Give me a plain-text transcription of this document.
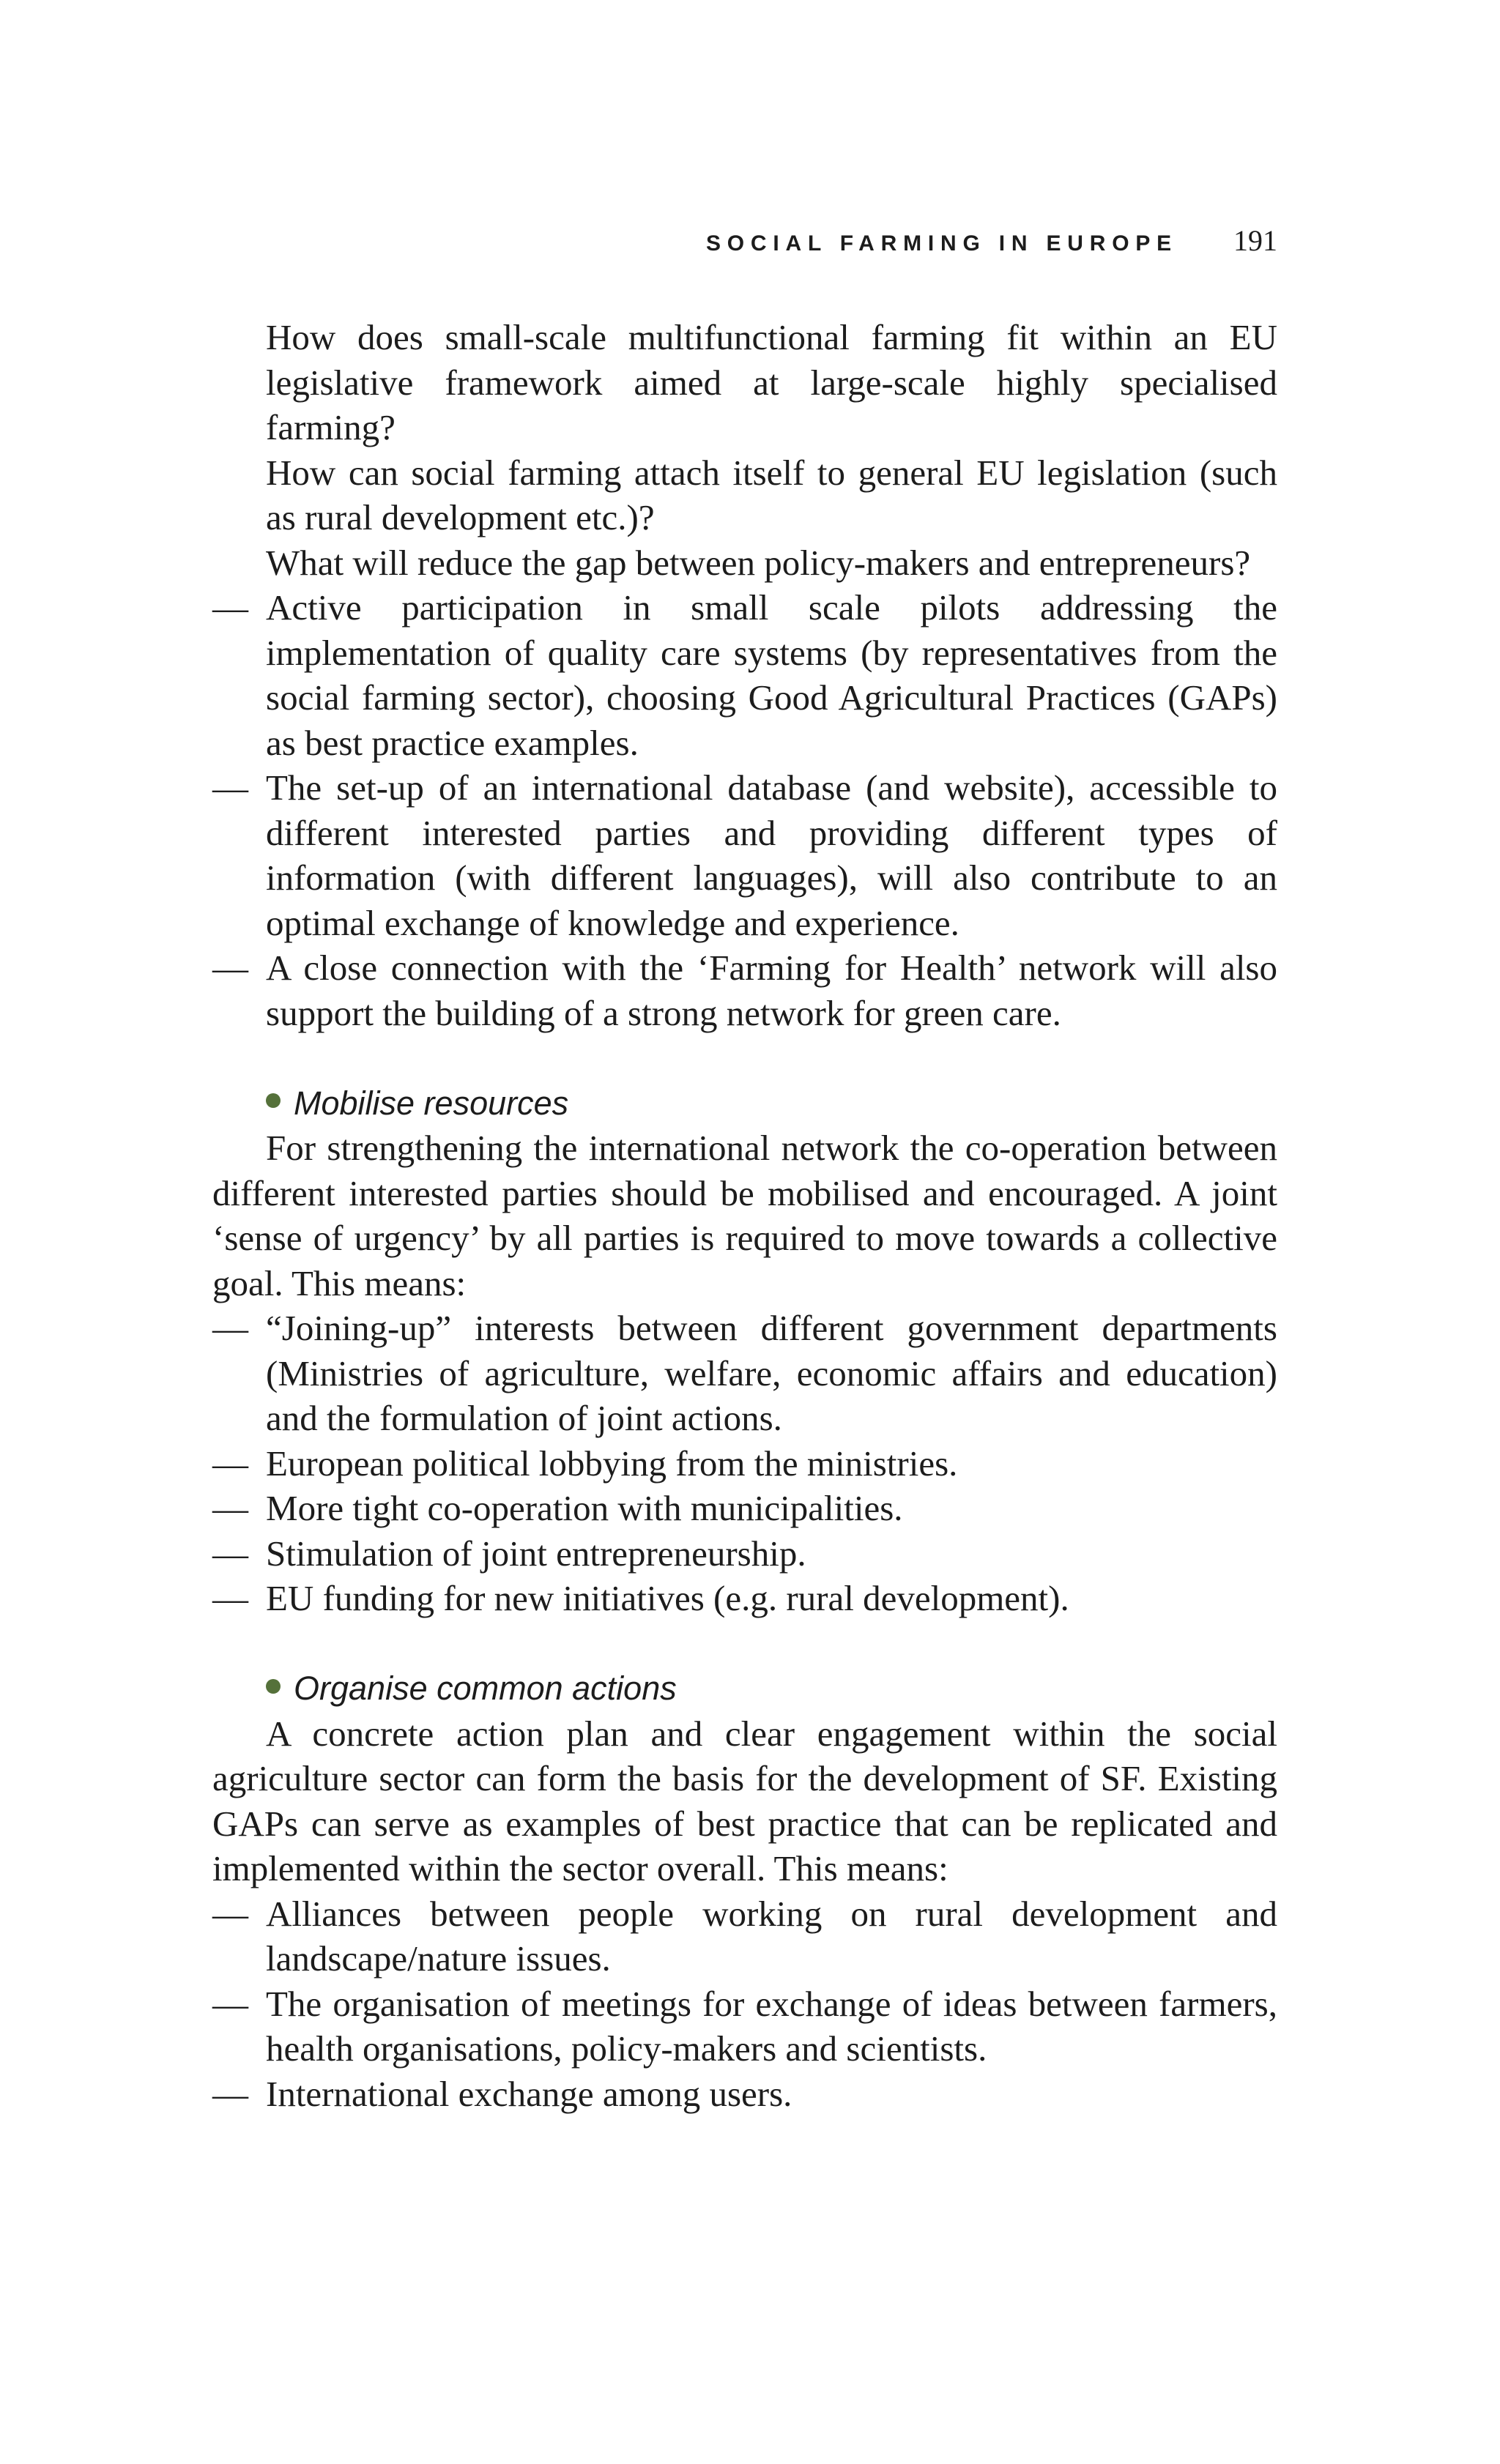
SOCIAL FARMING IN EUROPE 191

How does small-scale multifunctional farming fit within an EU legislative framework aimed at large-scale highly specialised farming?

How can social farming attach itself to general EU legislation (such as rural development etc.)?

What will reduce the gap between policy-makers and entrepreneurs?

— Active participation in small scale pilots addressing the implementation of quality care systems (by representatives from the social farming sector), choosing Good Agricultural Practices (GAPs) as best practice examples.
— The set-up of an international database (and website), accessible to different interested parties and providing different types of information (with different languages), will also contribute to an optimal exchange of knowledge and experience.
— A close connection with the ‘Farming for Health’ network will also support the building of a strong network for green care.
Mobilise resources

For strengthening the international network the co-operation between different interested parties should be mobilised and encouraged. A joint ‘sense of urgency’ by all parties is required to move towards a collective goal. This means:

— “Joining-up” interests between different government departments (Ministries of agriculture, welfare, economic affairs and education) and the formulation of joint actions.
— European political lobbying from the ministries.
— More tight co-operation with municipalities.
— Stimulation of joint entrepreneurship.
— EU funding for new initiatives (e.g. rural development).
Organise common actions

A concrete action plan and clear engagement within the social agriculture sector can form the basis for the development of SF. Existing GAPs can serve as examples of best practice that can be replicated and implemented within the sector overall. This means:

— Alliances between people working on rural development and landscape/nature issues.
— The organisation of meetings for exchange of ideas between farmers, health organisations, policy-makers and scientists.
— International exchange among users.
